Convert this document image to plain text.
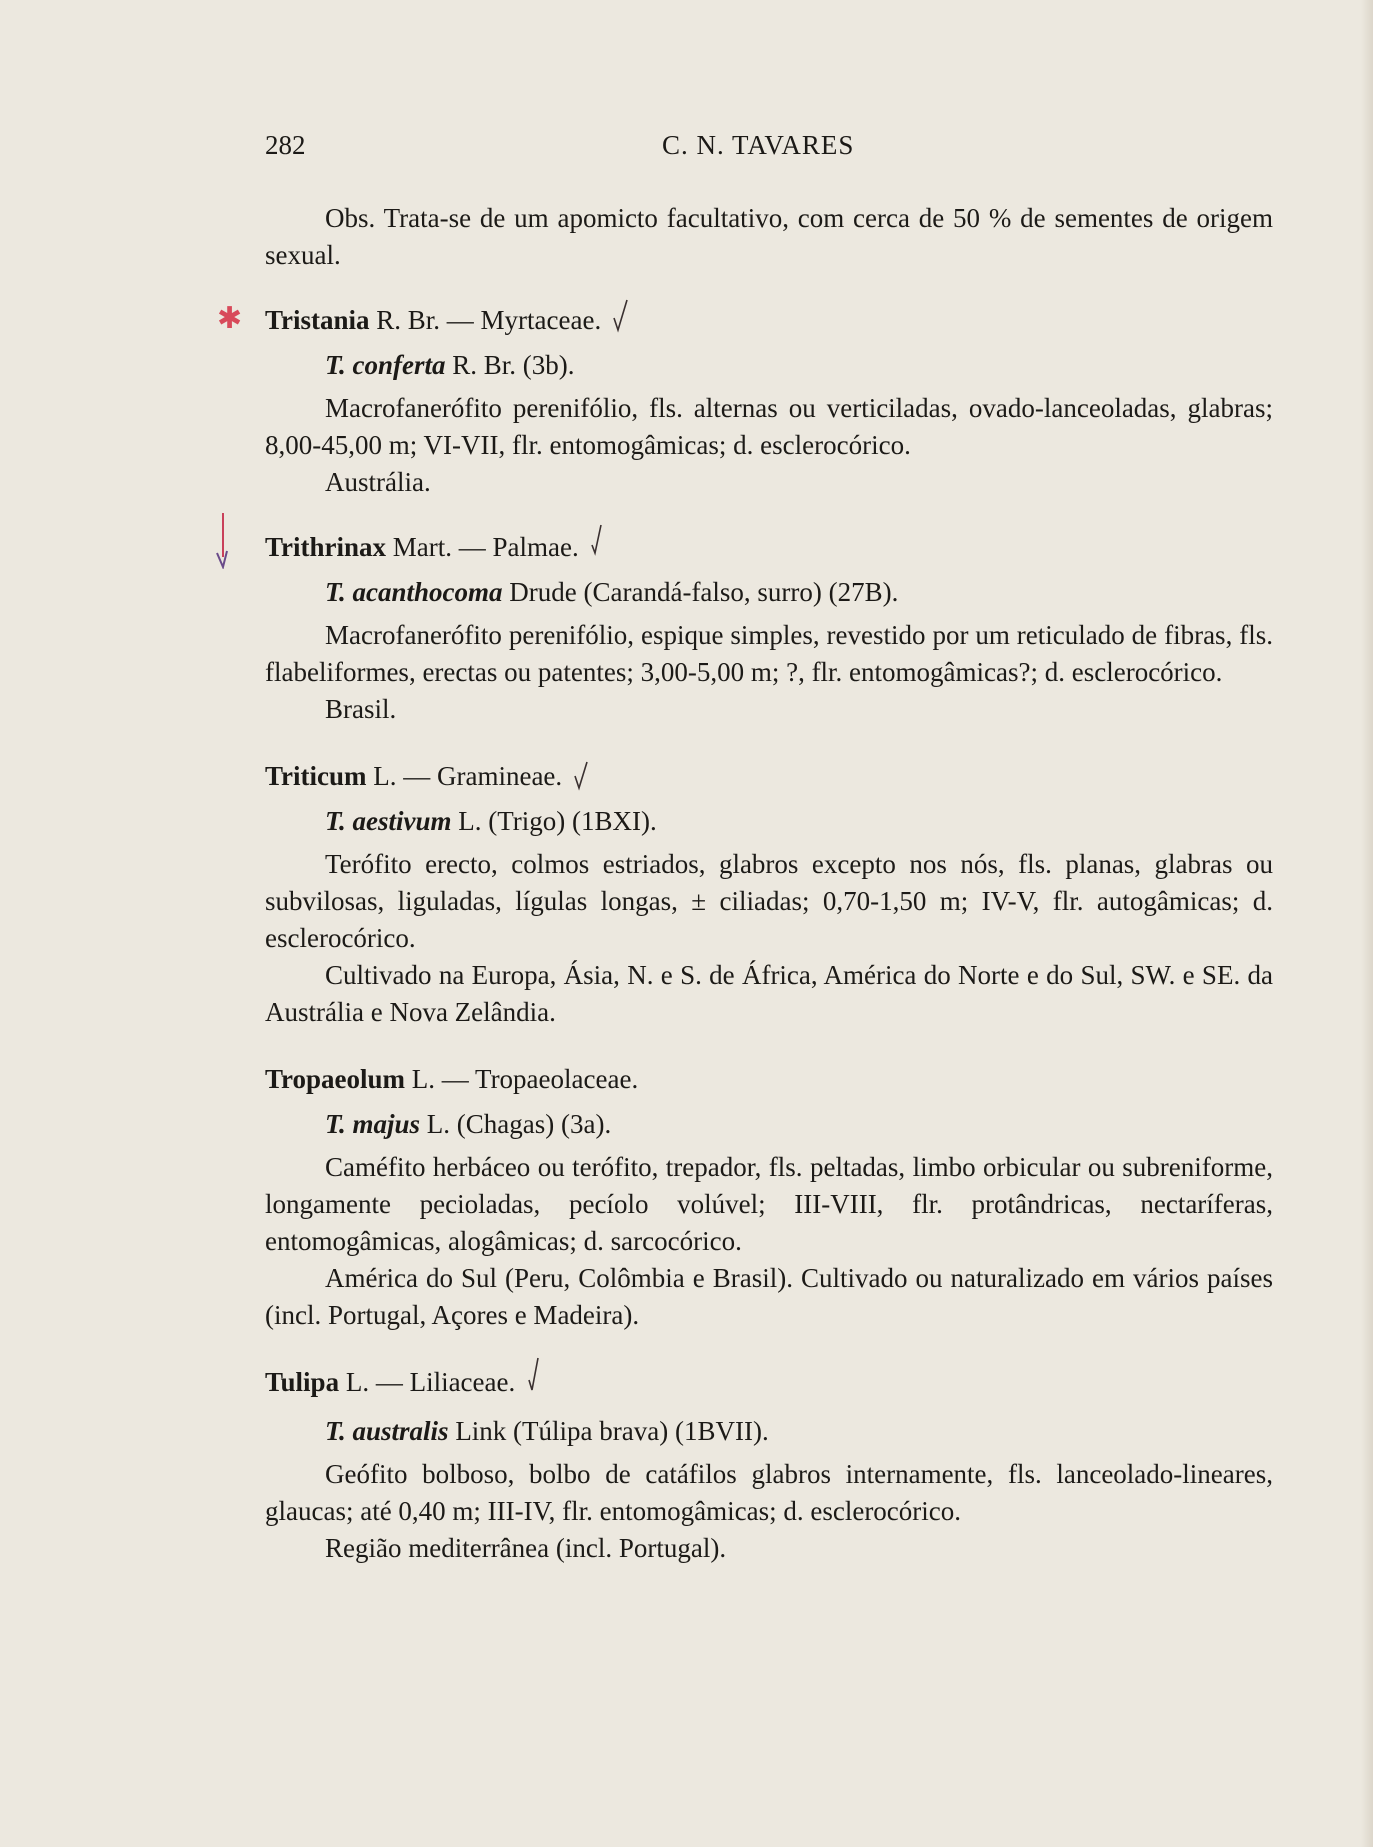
282	C. N. TAVARES

Obs. Trata-se de um apomicto facultativo, com cerca de 50 % de sementes de origem sexual.

✱ Tristania R. Br. — Myrtaceae.
T. conferta R. Br. (3b).

Macrofanerófito perenifólio, fls. alternas ou verticiladas, ovado-lanceoladas, glabras; 8,00-45,00 m; VI-VII, flr. entomogâmicas; d. esclerocórico.

Austrália.

Trithrinax Mart. — Palmae.
T. acanthocoma Drude (Carandá-falso, surro) (27B).

Macrofanerófito perenifólio, espique simples, revestido por um reticulado de fibras, fls. flabeliformes, erectas ou patentes; 3,00-5,00 m; ?, flr. entomogâmicas?; d. esclerocórico.

Brasil.

Triticum L. — Gramineae.
T. aestivum L. (Trigo) (1BXI).

Terófito erecto, colmos estriados, glabros excepto nos nós, fls. planas, glabras ou subvilosas, liguladas, lígulas longas, ± ciliadas; 0,70-1,50 m; IV-V, flr. autogâmicas; d. esclerocórico.

Cultivado na Europa, Ásia, N. e S. de África, América do Norte e do Sul, SW. e SE. da Austrália e Nova Zelândia.

Tropaeolum L. — Tropaeolaceae.
T. majus L. (Chagas) (3a).

Caméfito herbáceo ou terófito, trepador, fls. peltadas, limbo orbicular ou subreniforme, longamente pecioladas, pecíolo volúvel; III-VIII, flr. protândricas, nectaríferas, entomogâmicas, alogâmicas; d. sarcocórico.

América do Sul (Peru, Colômbia e Brasil). Cultivado ou naturalizado em vários países (incl. Portugal, Açores e Madeira).

Tulipa L. — Liliaceae.
T. australis Link (Túlipa brava) (1BVII).

Geófito bolboso, bolbo de catáfilos glabros internamente, fls. lanceolado-lineares, glaucas; até 0,40 m; III-IV, flr. entomogâmicas; d. esclerocórico.

Região mediterrânea (incl. Portugal).
